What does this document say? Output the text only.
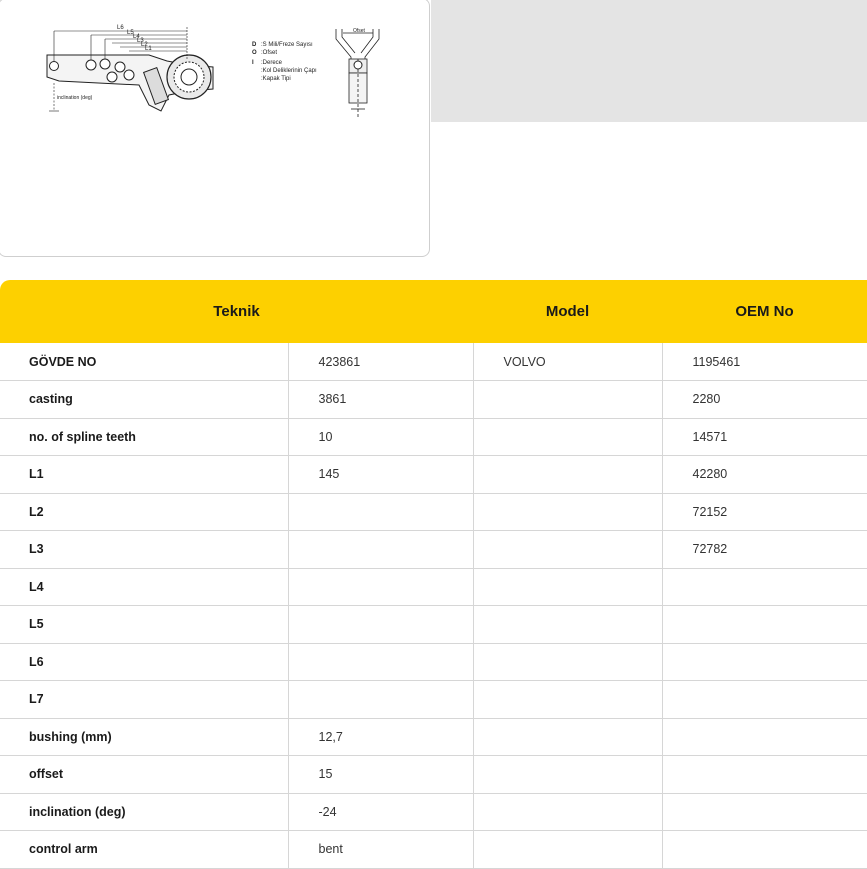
L6
L5
L4
L3
L2
L1
inclination (deg)
D :S Mili/Freze Sayısı
O :Ofset
I :Derece
:Kol Deliklerinin Çapı
:Kapak Tipi
Ofset
Teknik		Model	OEM No
GÖVDE NO	423861	VOLVO	1195461
casting	3861		2280
no. of spline teeth	10		14571
L1	145		42280
L2			72152
L3			72782
L4			
L5			
L6			
L7			
bushing (mm)	12,7		
offset	15		
inclination (deg)	-24		
control arm	bent		
